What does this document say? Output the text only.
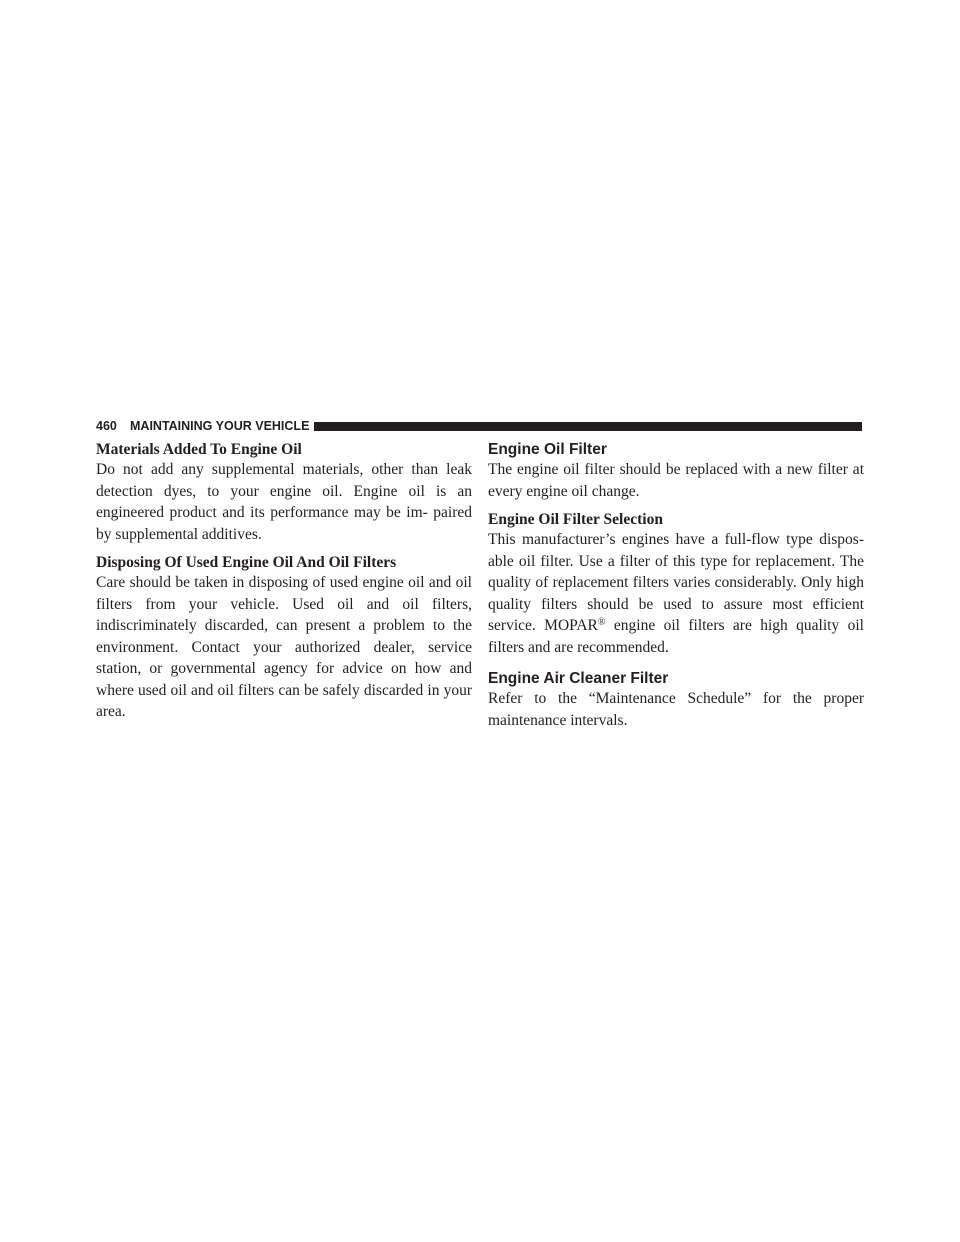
460 MAINTAINING YOUR VEHICLE
Materials Added To Engine Oil

Do not add any supplemental materials, other than leak detection dyes, to your engine oil. Engine oil is an engineered product and its performance may be im- paired by supplemental additives.

Disposing Of Used Engine Oil And Oil Filters

Care should be taken in disposing of used engine oil and oil filters from your vehicle. Used oil and oil filters, indiscriminately discarded, can present a problem to the environment. Contact your authorized dealer, service station, or governmental agency for advice on how and where used oil and oil filters can be safely discarded in your area.

Engine Oil Filter

The engine oil filter should be replaced with a new filter at every engine oil change.

Engine Oil Filter Selection

This manufacturer’s engines have a full-flow type dispos- able oil filter. Use a filter of this type for replacement. The quality of replacement filters varies considerably. Only high quality filters should be used to assure most efficient service. MOPAR® engine oil filters are high quality oil filters and are recommended.

Engine Air Cleaner Filter

Refer to the “Maintenance Schedule” for the proper maintenance intervals.
